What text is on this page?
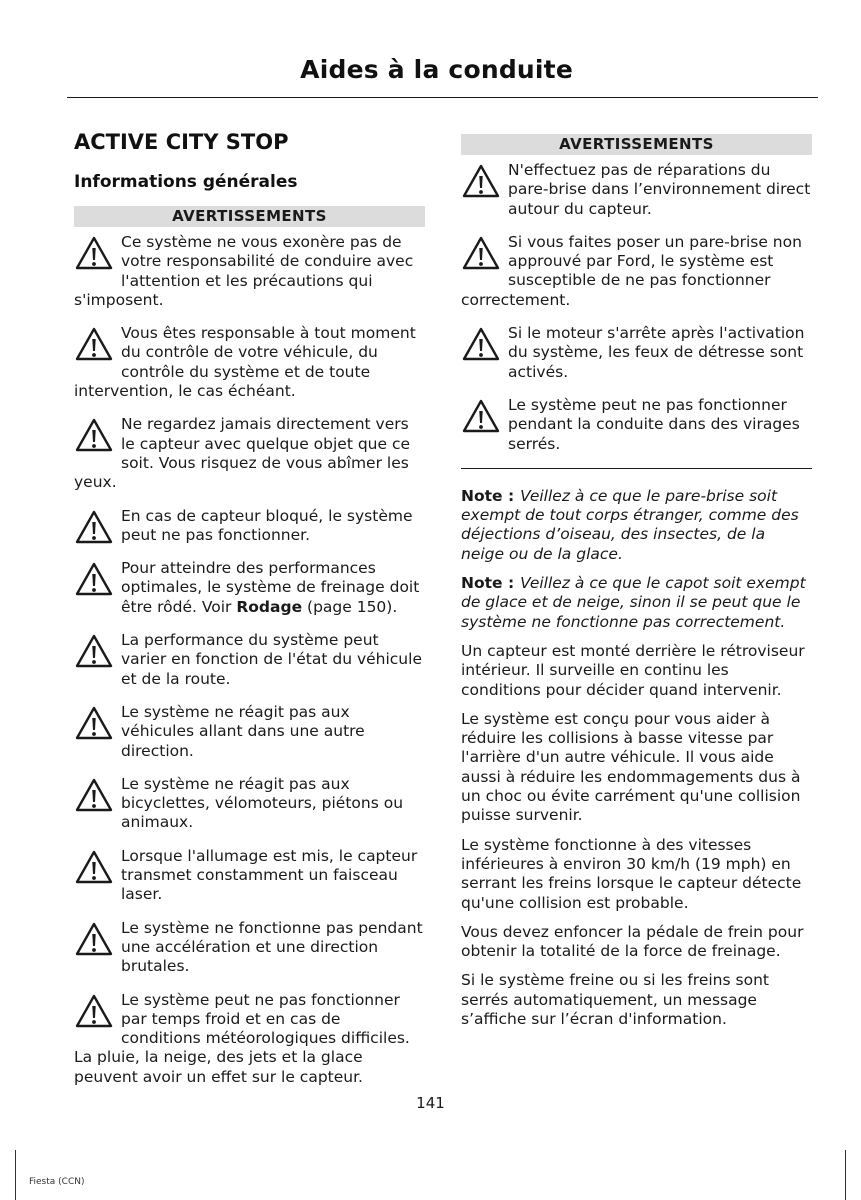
Aides à la conduite
ACTIVE CITY STOP
Informations générales
AVERTISSEMENTS
Ce système ne vous exonère pas de votre responsabilité de conduire avec l'attention et les précautions qui s'imposent.
Vous êtes responsable à tout moment du contrôle de votre véhicule, du contrôle du système et de toute intervention, le cas échéant.
Ne regardez jamais directement vers le capteur avec quelque objet que ce soit. Vous risquez de vous abîmer les yeux.
En cas de capteur bloqué, le système peut ne pas fonctionner.
Pour atteindre des performances optimales, le système de freinage doit être rôdé. Voir Rodage (page 150).
La performance du système peut varier en fonction de l'état du véhicule et de la route.
Le système ne réagit pas aux véhicules allant dans une autre direction.
Le système ne réagit pas aux bicyclettes, vélomoteurs, piétons ou animaux.
Lorsque l'allumage est mis, le capteur transmet constamment un faisceau laser.
Le système ne fonctionne pas pendant une accélération et une direction brutales.
Le système peut ne pas fonctionner par temps froid et en cas de conditions météorologiques difficiles. La pluie, la neige, des jets et la glace peuvent avoir un effet sur le capteur.
AVERTISSEMENTS
N'effectuez pas de réparations du pare-brise dans l’environnement direct autour du capteur.
Si vous faites poser un pare-brise non approuvé par Ford, le système est susceptible de ne pas fonctionner correctement.
Si le moteur s'arrête après l'activation du système, les feux de détresse sont activés.
Le système peut ne pas fonctionner pendant la conduite dans des virages serrés.

Note : Veillez à ce que le pare-brise soit exempt de tout corps étranger, comme des déjections d’oiseau, des insectes, de la neige ou de la glace.

Note : Veillez à ce que le capot soit exempt de glace et de neige, sinon il se peut que le système ne fonctionne pas correctement.

Un capteur est monté derrière le rétroviseur intérieur. Il surveille en continu les conditions pour décider quand intervenir.

Le système est conçu pour vous aider à réduire les collisions à basse vitesse par l'arrière d'un autre véhicule. Il vous aide aussi à réduire les endommagements dus à un choc ou évite carrément qu'une collision puisse survenir.

Le système fonctionne à des vitesses inférieures à environ 30 km/h (19 mph) en serrant les freins lorsque le capteur détecte qu'une collision est probable.

Vous devez enfoncer la pédale de frein pour obtenir la totalité de la force de freinage.

Si le système freine ou si les freins sont serrés automatiquement, un message s’affiche sur l’écran d'information.

141
Fiesta (CCN)
